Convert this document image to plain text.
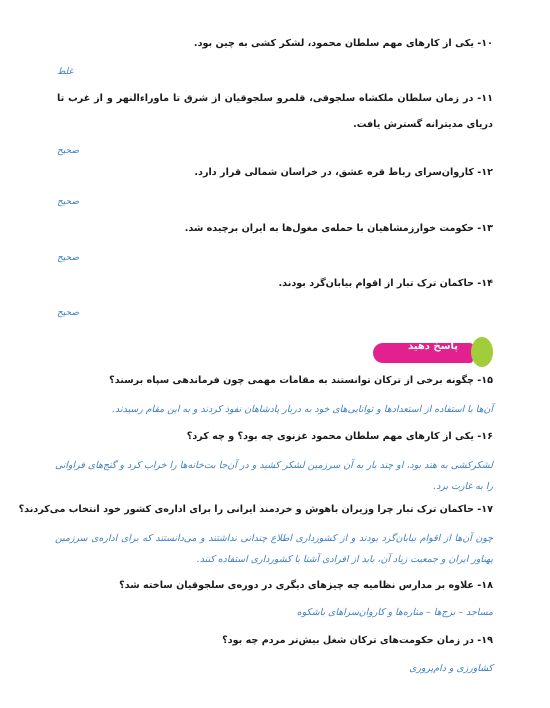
۱۰- یکی از کارهای مهم سلطان محمود، لشکر کشی به چین بود.
غلط
۱۱- در زمان سلطان ملکشاه سلجوقی، قلمرو سلجوقیان از شرق تا ماوراءالنهر و از غرب تا دریای مدیترانه گسترش یافت.
صحیح
۱۲- کاروان‌سرای رباط قره عشق، در خراسان شمالی قرار دارد.
صحیح
۱۳- حکومت خوارزمشاهیان با حمله‌ی مغول‌ها به ایران برچیده شد.
صحیح
۱۴- حاکمان ترک تبار از اقوام بیابان‌گرد بودند.
صحیح
پاسخ دهید
۱۵- چگونه برخی از ترکان توانستند به مقامات مهمی چون فرماندهی سپاه برسند؟
آن‌ها با استفاده از استعدادها و توانایی‌های خود به دربار پادشاهان نفوذ کردند و به این مقام رسیدند.
۱۶- یکی از کارهای مهم سلطان محمود غزنوی چه بود؟ و چه کرد؟
لشکرکشی به هند بود، او چند بار به آن سرزمین لشکر کشید و در آن‌جا بت‌خانه‌ها را خراب کرد و گنج‌های فراوانی را به غارت برد.
۱۷- حاکمان ترک تبار چرا وزیران باهوش و خردمند ایرانی را برای اداره‌ی کشور خود انتخاب می‌کردند؟
چون آن‌ها از اقوام بیابان‌گرد بودند و از کشورداری اطلاع چندانی نداشتند و می‌دانستند که برای اداره‌ی سرزمین پهناور ایران و جمعیت زیاد آن، باید از افرادی آشنا با کشورداری استفاده کنند.
۱۸- علاوه بر مدارس نظامیه چه چیزهای دیگری در دوره‌ی سلجوقیان ساخته شد؟
مساجد – برج‌ها – مناره‌ها و کاروان‌سراهای باشکوه
۱۹- در زمان حکومت‌های ترکان شغل بیش‌تر مردم چه بود؟
کشاورزی و دام‌پروری
